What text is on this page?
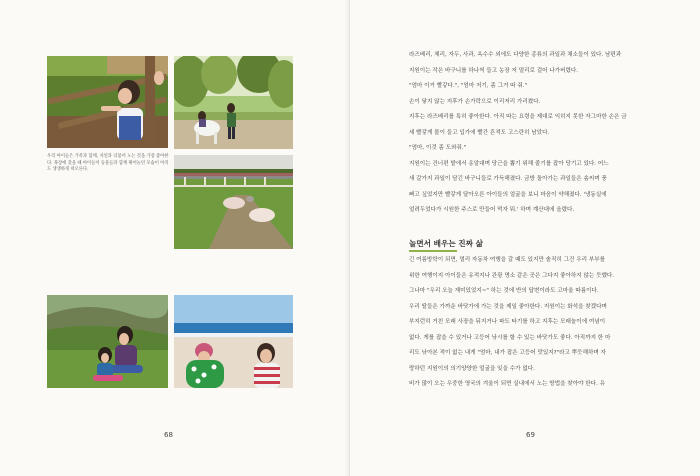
우리 아이들은 가족과 함께, 자연과 더불어 노는 것을 가장 좋아한다. 목장에 갔을 때 아이들이 동물들과 함께 뛰어놀던 모습이 아직도 생생하게 떠오른다.
68	69

라즈베리, 체리, 자두, 사과, 옥수수 외에도 다양한 종류의 과일과 채소들이 있다. 남편과

지원이는 작은 바구니를 하나씩 들고 농장 저 멀리로 걸어 나가버렸다.

"엄마 이거 빨갛다.", "엄마 저기, 좀 그거 따 줘."

손이 닿지 않는 지후가 손가락으로 이리저리 가리켰다.

지후는 라즈베리를 특히 좋아한다. 아직 따는 요령을 제대로 익히지 못한 자그마한 손은 금

세 빨갛게 물이 들고 입가에 빨간 흔적도 고스란히 남았다.

"엄마, 이것 좀 도와줘."

지원이는 건너편 밭에서 옹알대며 당근을 뽑기 위해 줄기를 잡아 당기고 있다. 어느

새 갈가지 과일이 담긴 바구니들로 가득해졌다. 금방 돌아가는 과일들은 솜씨며 풍

뻐고 싶었지만 빨갛게 달아오른 아이들의 얼굴을 보니 마음이 약해졌다. '냉동실에

얼려두었다가 시원한 주스로 만들어 먹자 뭐.' 하며 계산대에 올렸다.

놀면서 배우는 진짜 삶

긴 여름방학이 되면, 멀리 자동차 여행을 갈 때도 있지만 솔직히 그건 우리 부부를

위한 여행이지 아이들은 유적지나 관광 명소 같은 곳은 그다지 좋아하지 않는 듯했다.

그나마 "우리 오늘 재미있었지~" 하는 것에 반의 답변이라도 고마울 따름이다.

우리 딸들은 가까운 바닷가에 가는 것을 제일 좋아한다. 지원이는 화석을 찾겠다며

부지런히 거친 모래 사장을 뒤지거나 파도 타기를 하고 지후는 모래놀이에 여념이

없다. 게를 잡을 수 있거나 고등어 낚시를 할 수 있는 바닷가도 좋다. 아직까지 한 마

리도 낚아본 적이 없는 내게 "엄마, 내가 잡은 고등어 맛있지?"라고 뿌듯해하며 자

랑하던 지원이의 의기양양한 얼굴을 잊을 수가 없다.

비가 많이 오는 우중한 영국의 겨울이 되면 실내에서 노는 방법을 찾아야 한다. 유
